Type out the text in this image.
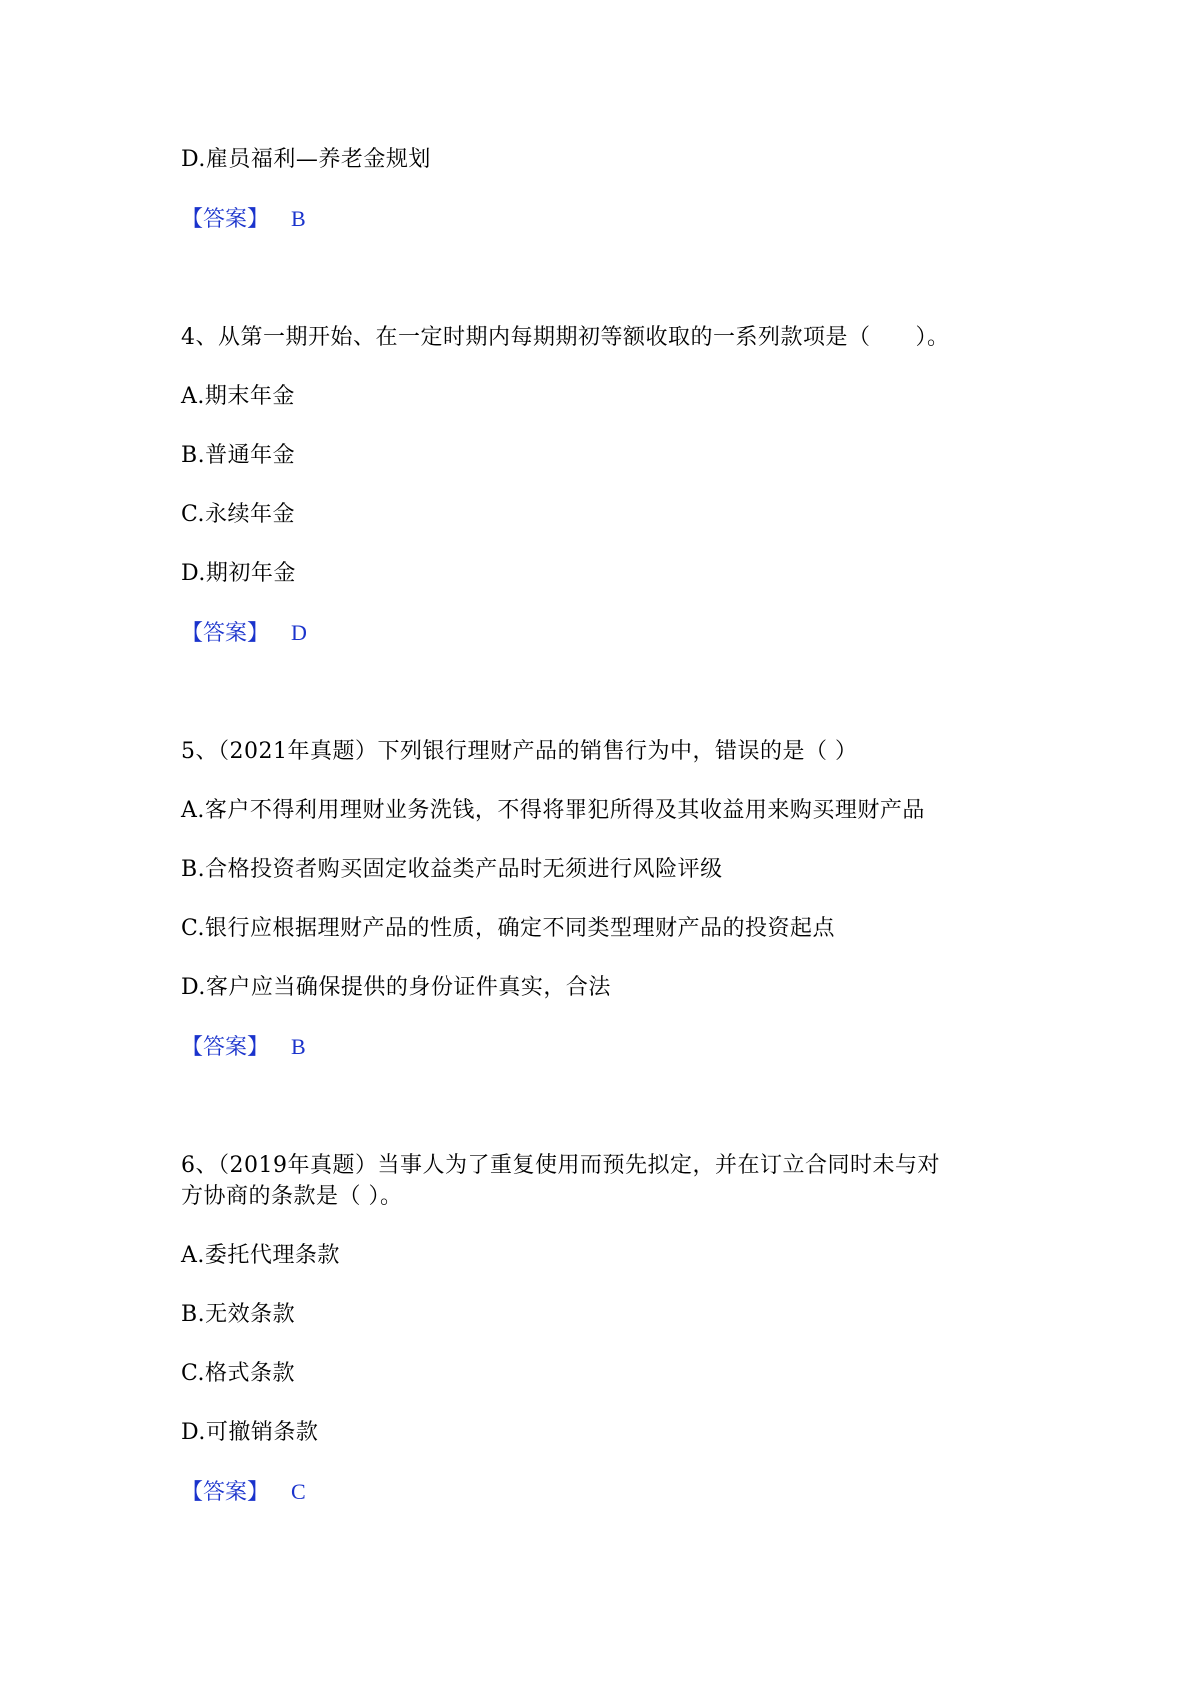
D.雇员福利—养老金规划
【答案】 B
4、从第一期开始、在一定时期内每期期初等额收取的一系列款项是（　　）。
A.期末年金
B.普通年金
C.永续年金
D.期初年金
【答案】 D
5、（2021年真题）下列银行理财产品的销售行为中，错误的是（ ）
A.客户不得利用理财业务洗钱，不得将罪犯所得及其收益用来购买理财产品
B.合格投资者购买固定收益类产品时无须进行风险评级
C.银行应根据理财产品的性质，确定不同类型理财产品的投资起点
D.客户应当确保提供的身份证件真实，合法
【答案】 B
6、（2019年真题）当事人为了重复使用而预先拟定，并在订立合同时未与对
方协商的条款是（ ）。
A.委托代理条款
B.无效条款
C.格式条款
D.可撤销条款
【答案】 C
